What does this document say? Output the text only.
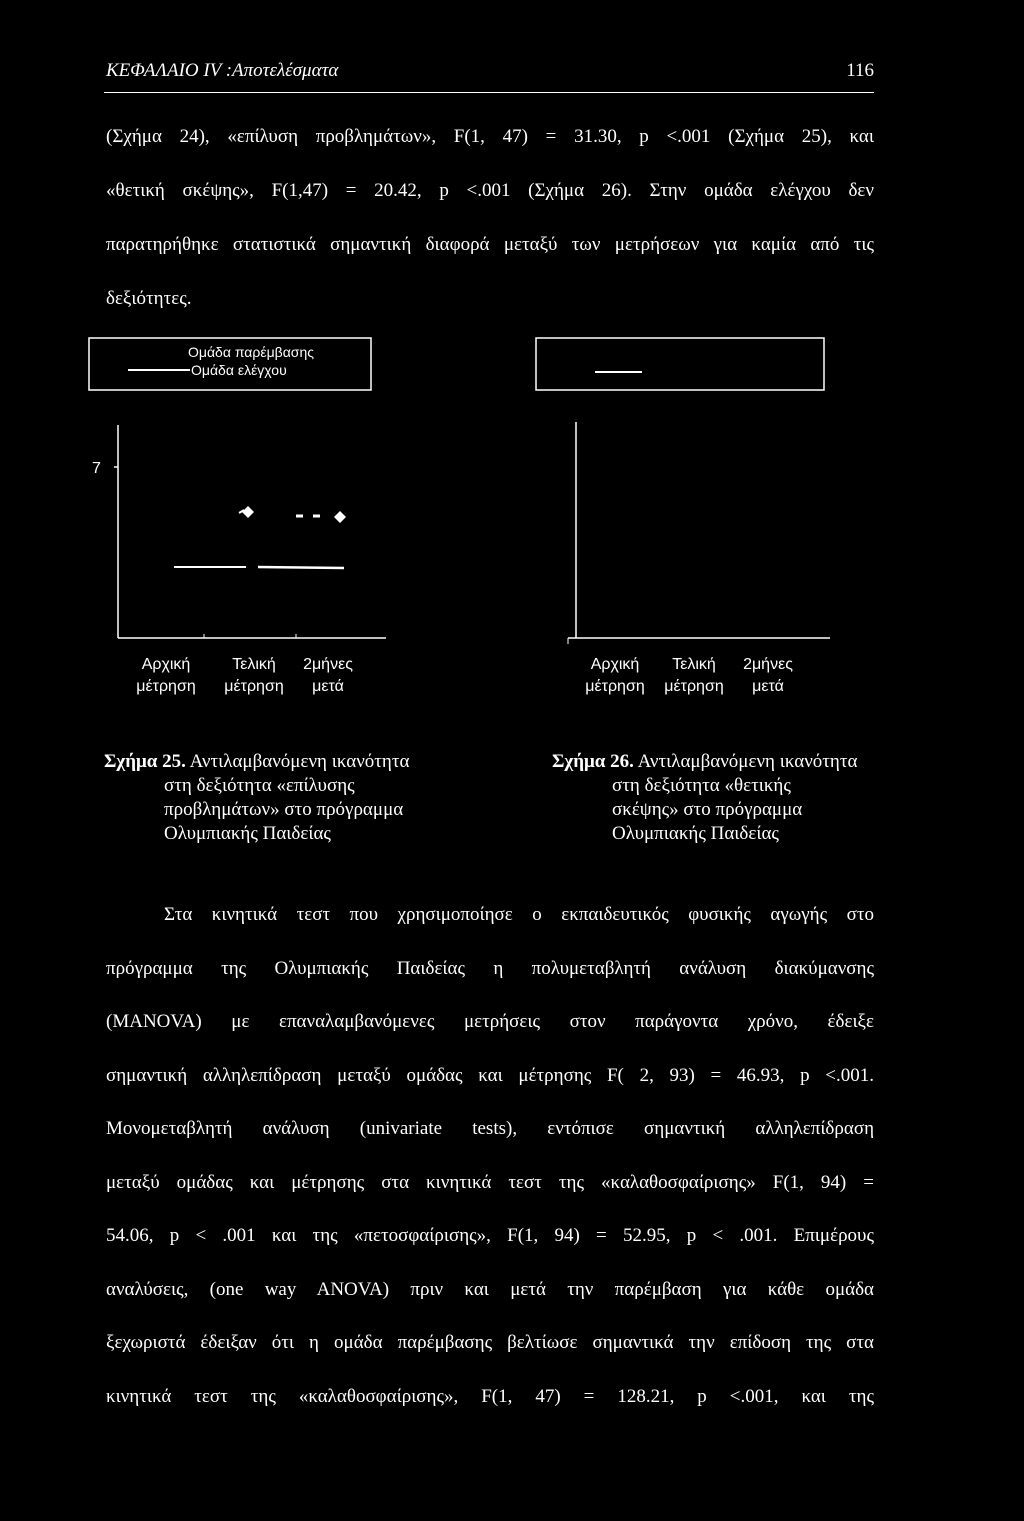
ΚΕΦΑΛΑΙΟ IV :Αποτελέσματα	116
(Σχήμα 24), «επίλυση προβλημάτων», F(1, 47) = 31.30, p <.001 (Σχήμα 25), και
«θετική σκέψης», F(1,47) = 20.42, p <.001 (Σχήμα 26). Στην ομάδα ελέγχου δεν
παρατηρήθηκε στατιστικά σημαντική διαφορά μεταξύ των μετρήσεων για καμία από τις
δεξιότητες.
Ομάδα παρέμβασης
Ομάδα ελέγχου
7
Αρχική
μέτρηση
Τελική
μέτρηση
2μήνες
μετά
Αρχική
μέτρηση
Τελική
μέτρηση
2μήνες
μετά
Σχήμα 25. Αντιλαμβανόμενη ικανότητα
στη δεξιότητα «επίλυσης
προβλημάτων» στο πρόγραμμα
Ολυμπιακής Παιδείας
Σχήμα 26. Αντιλαμβανόμενη ικανότητα
στη δεξιότητα «θετικής
σκέψης» στο πρόγραμμα
Ολυμπιακής Παιδείας
Στα κινητικά τεστ που χρησιμοποίησε ο εκπαιδευτικός φυσικής αγωγής στο
πρόγραμμα της Ολυμπιακής Παιδείας η πολυμεταβλητή ανάλυση διακύμανσης
(MANOVA) με επαναλαμβανόμενες μετρήσεις στον παράγοντα χρόνο, έδειξε
σημαντική αλληλεπίδραση μεταξύ ομάδας και μέτρησης F( 2, 93) = 46.93, p <.001.
Μονομεταβλητή ανάλυση (univariate tests), εντόπισε σημαντική αλληλεπίδραση
μεταξύ ομάδας και μέτρησης στα κινητικά τεστ της «καλαθοσφαίρισης» F(1, 94) =
54.06, p < .001 και της «πετοσφαίρισης», F(1, 94) = 52.95, p < .001. Επιμέρους
αναλύσεις, (one way ANOVA) πριν και μετά την παρέμβαση για κάθε ομάδα
ξεχωριστά έδειξαν ότι η ομάδα παρέμβασης βελτίωσε σημαντικά την επίδοση της στα
κινητικά τεστ της «καλαθοσφαίρισης», F(1, 47) = 128.21, p <.001, και της
